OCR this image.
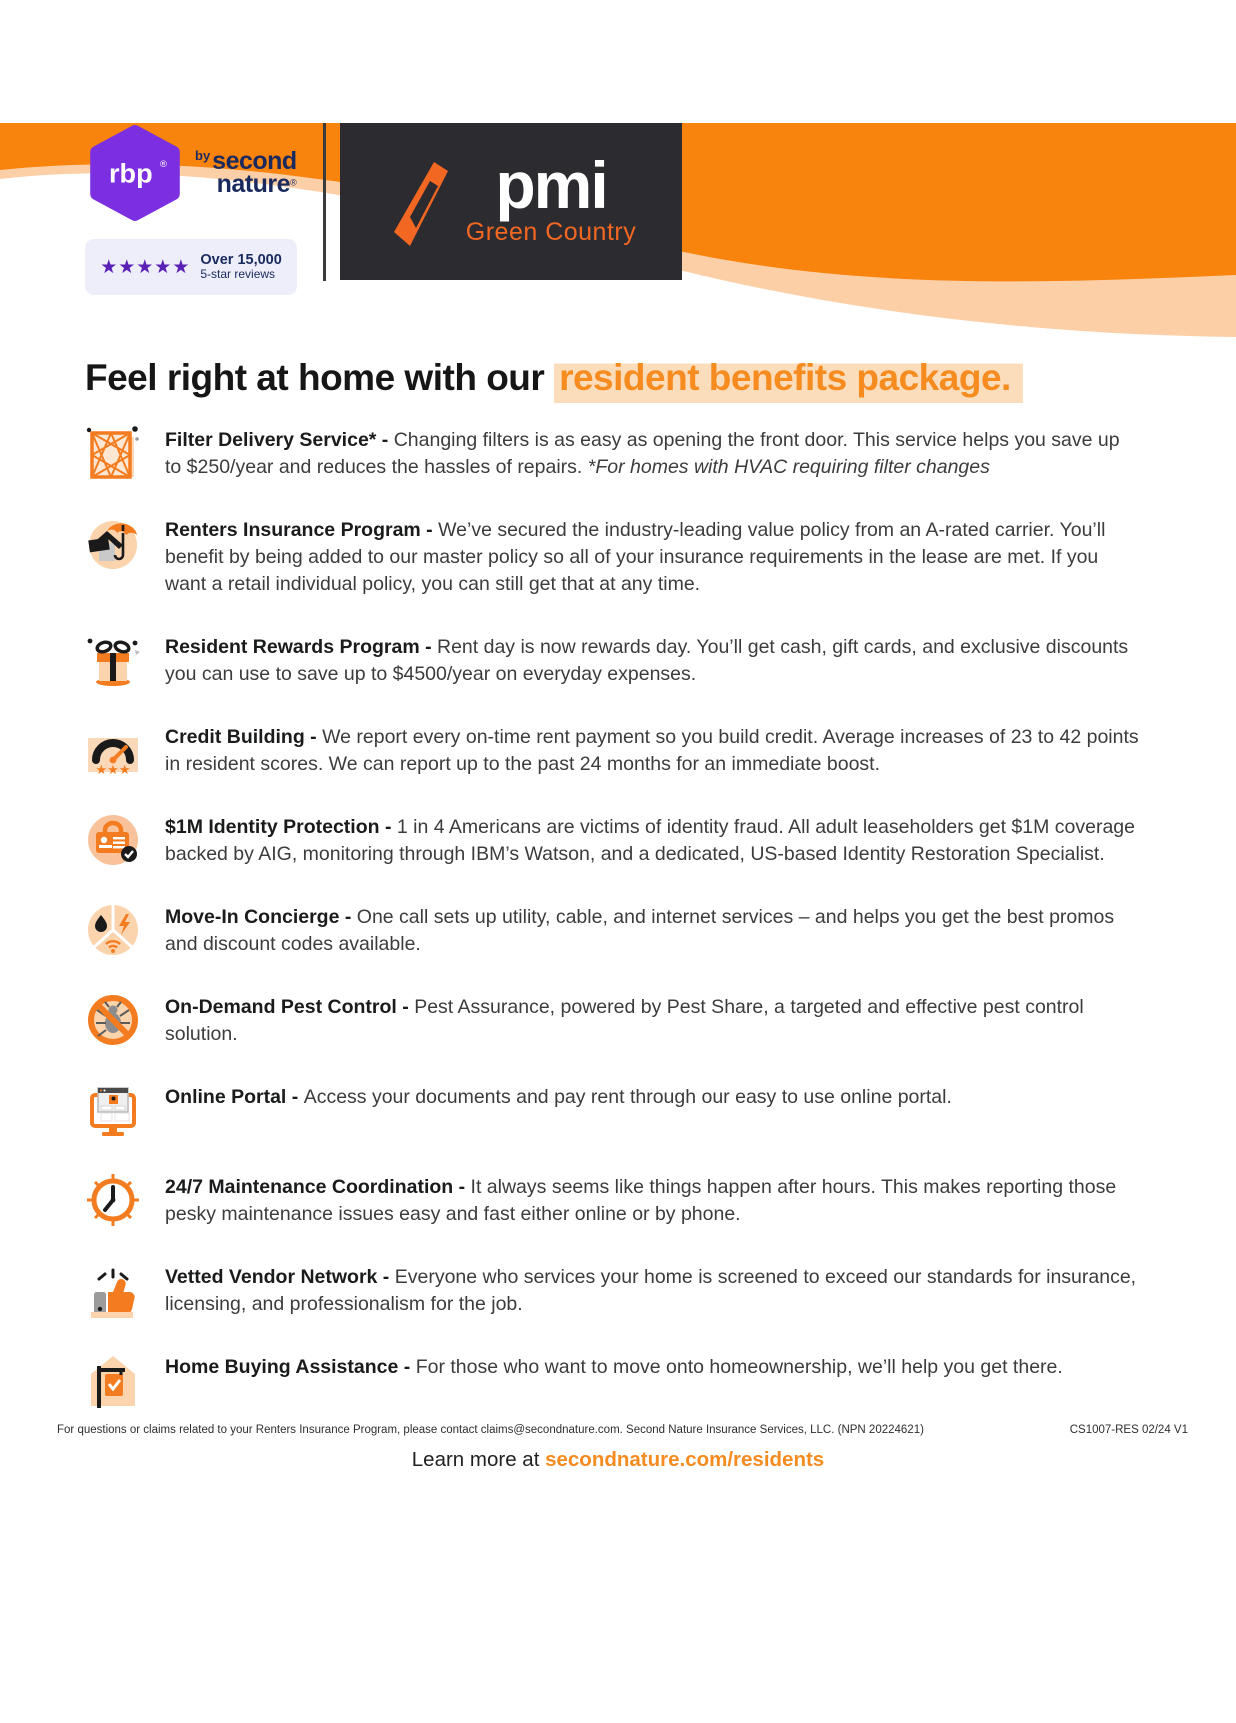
rbp ®
$^{by}$second
nature®
★★★★★ Over 15,000
5-star reviews
pmi
Green Country
Feel right at home with our resident benefits package.
Filter Delivery Service* - Changing filters is as easy as opening the front door. This service helps you save up to $250/year and reduces the hassles of repairs. *For homes with HVAC requiring filter changes
Renters Insurance Program - We’ve secured the industry-leading value policy from an A-rated carrier. You’ll benefit by being added to our master policy so all of your insurance requirements in the lease are met. If you want a retail individual policy, you can still get that at any time.
Resident Rewards Program - Rent day is now rewards day. You’ll get cash, gift cards, and exclusive discounts you can use to save up to $4500/year on everyday expenses.
★★★
Credit Building - We report every on-time rent payment so you build credit. Average increases of 23 to 42 points in resident scores. We can report up to the past 24 months for an immediate boost.
$1M Identity Protection - 1 in 4 Americans are victims of identity fraud. All adult leaseholders get $1M coverage backed by AIG, monitoring through IBM’s Watson, and a dedicated, US-based Identity Restoration Specialist.
Move-In Concierge - One call sets up utility, cable, and internet services – and helps you get the best promos and discount codes available.
On-Demand Pest Control - Pest Assurance, powered by Pest Share, a targeted and effective pest control solution.
Online Portal - Access your documents and pay rent through our easy to use online portal.
24/7 Maintenance Coordination - It always seems like things happen after hours. This makes reporting those pesky maintenance issues easy and fast either online or by phone.
Vetted Vendor Network - Everyone who services your home is screened to exceed our standards for insurance, licensing, and professionalism for the job.
Home Buying Assistance - For those who want to move onto homeownership, we’ll help you get there.
Learn more at secondnature.com/residents
For questions or claims related to your Renters Insurance Program, please contact claims@secondnature.com. Second Nature Insurance Services, LLC. (NPN 20224621)	CS1007-RES 02/24 V1
